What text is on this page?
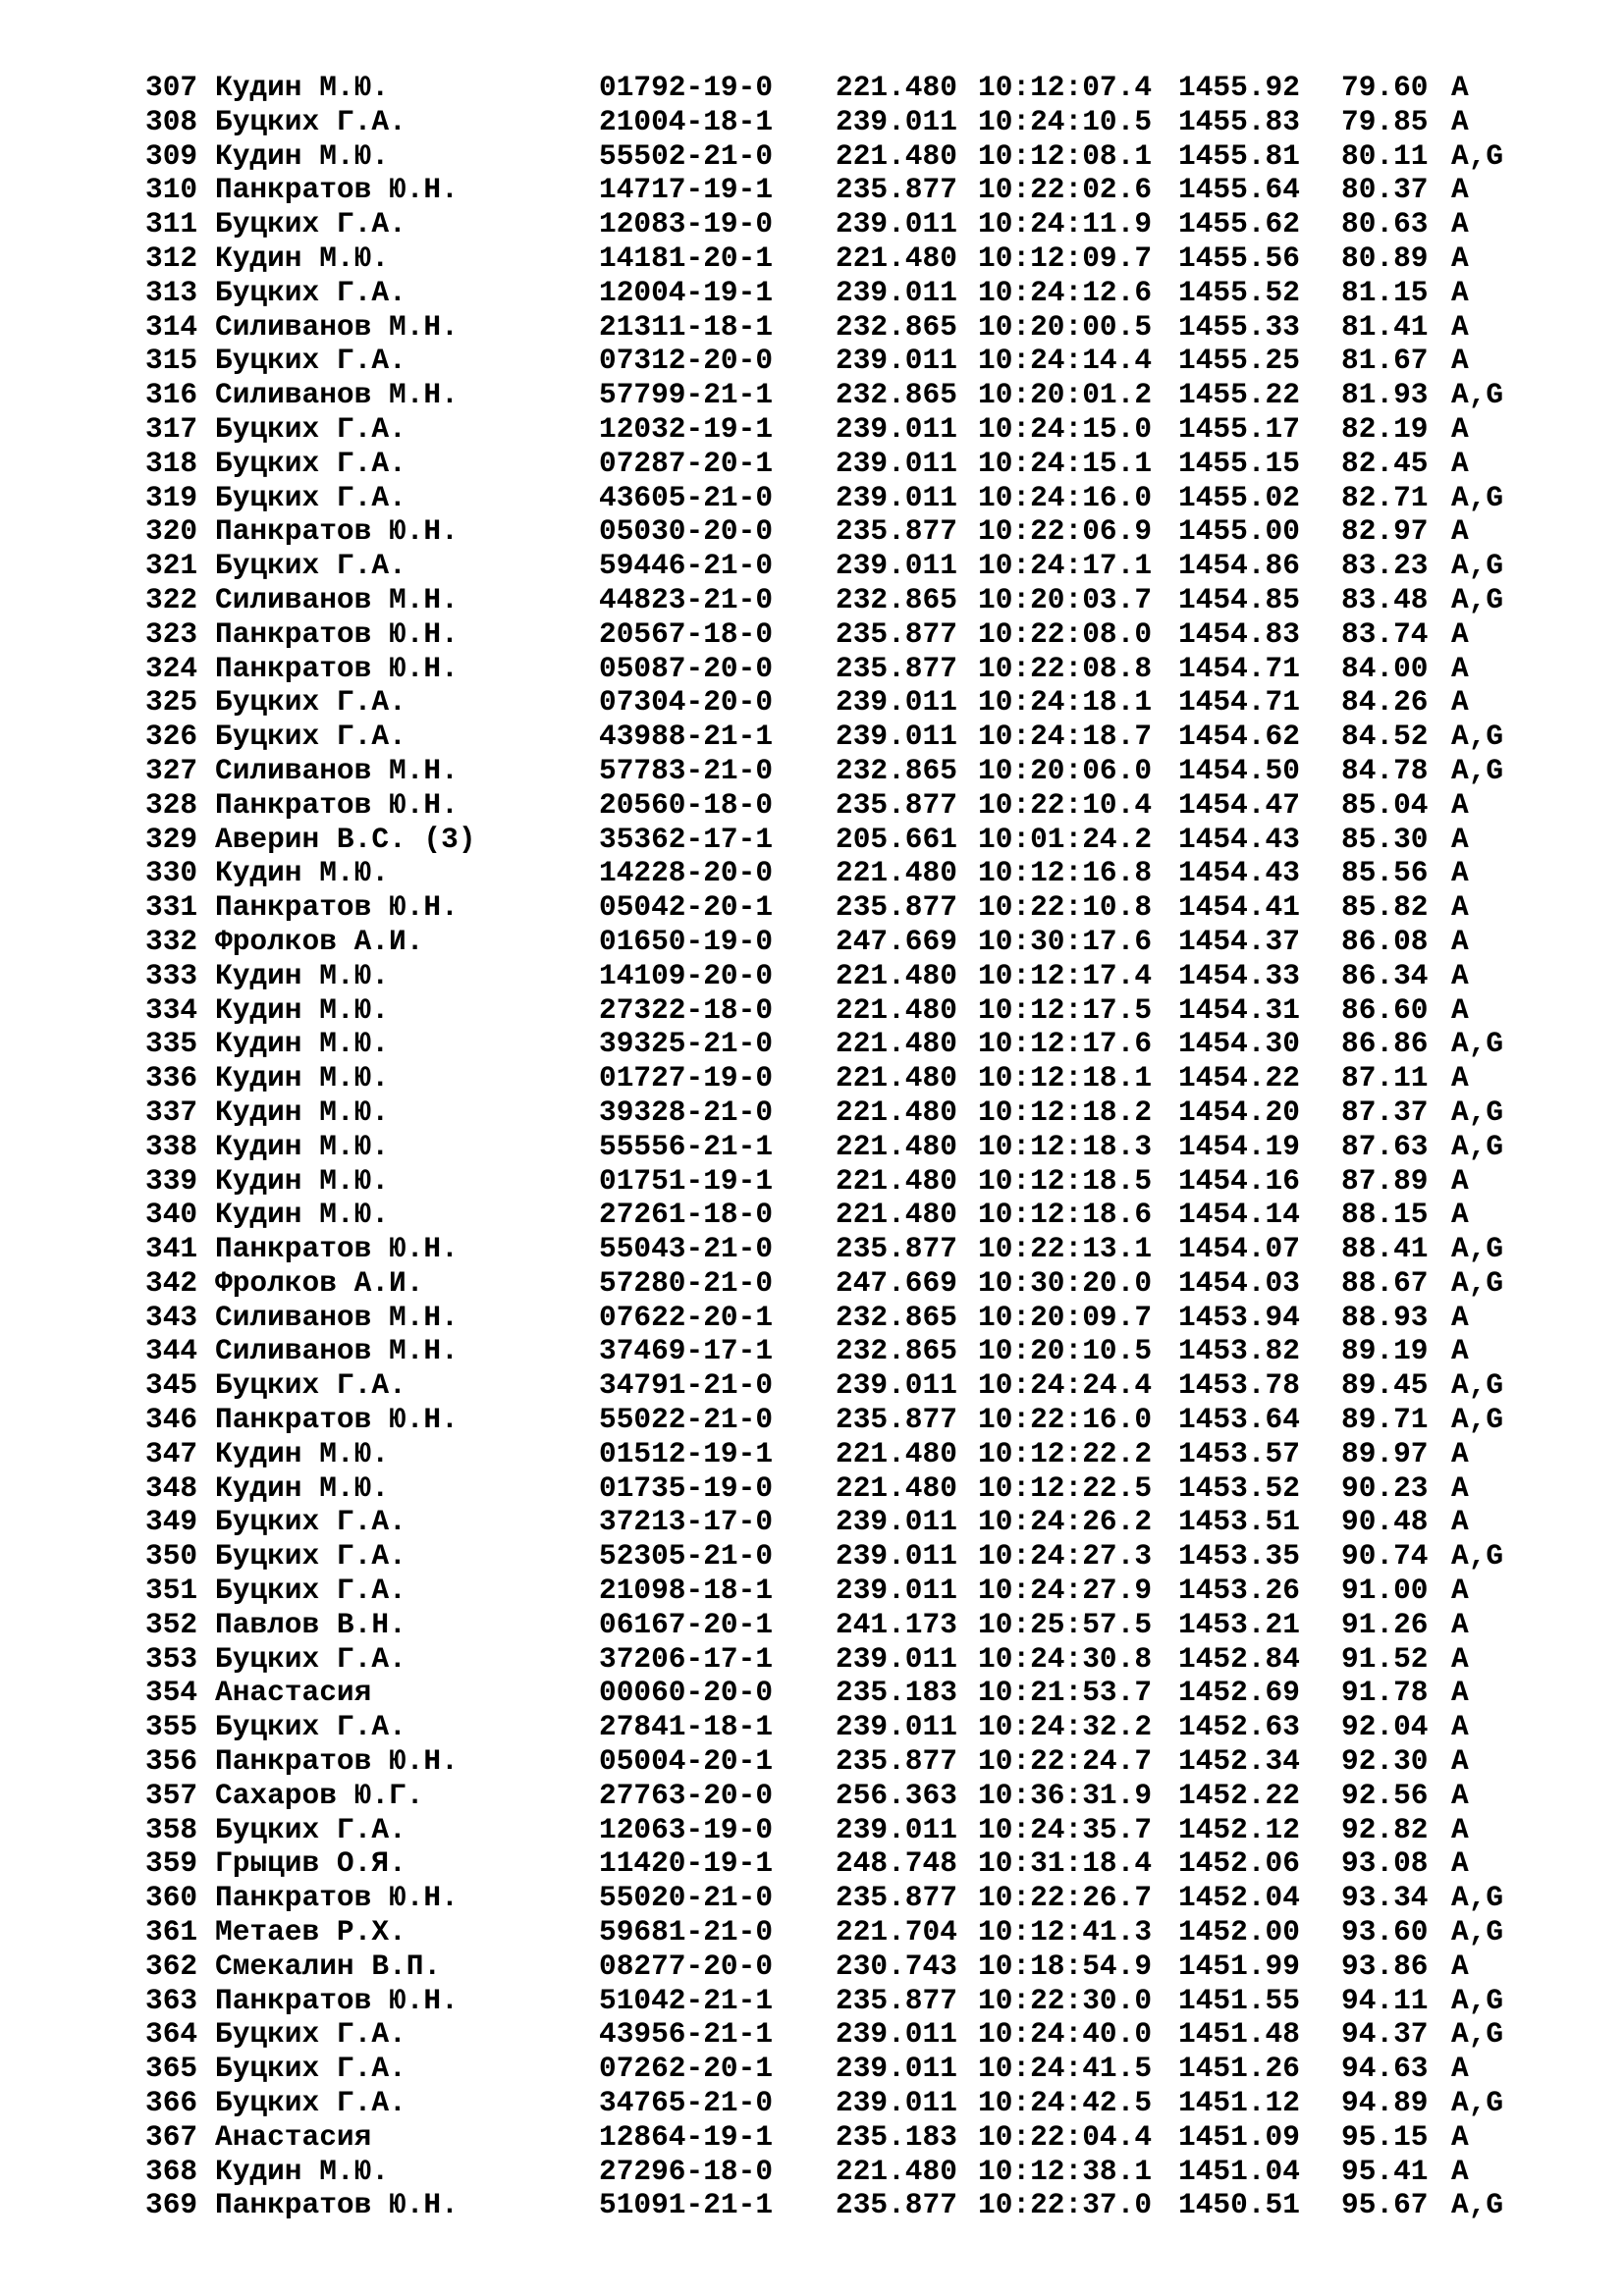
307 Кудин М.Ю.	01792-19-0 221.480 10:12:07.4 1455.92 79.60 A
308 Буцких Г.А.	21004-18-1 239.011 10:24:10.5 1455.83 79.85 A
309 Кудин М.Ю.	55502-21-0 221.480 10:12:08.1 1455.81 80.11 A,G
310 Панкратов Ю.Н.	14717-19-1 235.877 10:22:02.6 1455.64 80.37 A
311 Буцких Г.А.	12083-19-0 239.011 10:24:11.9 1455.62 80.63 A
312 Кудин М.Ю.	14181-20-1 221.480 10:12:09.7 1455.56 80.89 A
313 Буцких Г.А.	12004-19-1 239.011 10:24:12.6 1455.52 81.15 A
314 Силиванов М.Н.	21311-18-1 232.865 10:20:00.5 1455.33 81.41 A
315 Буцких Г.А.	07312-20-0 239.011 10:24:14.4 1455.25 81.67 A
316 Силиванов М.Н.	57799-21-1 232.865 10:20:01.2 1455.22 81.93 A,G
317 Буцких Г.А.	12032-19-1 239.011 10:24:15.0 1455.17 82.19 A
318 Буцких Г.А.	07287-20-1 239.011 10:24:15.1 1455.15 82.45 A
319 Буцких Г.А.	43605-21-0 239.011 10:24:16.0 1455.02 82.71 A,G
320 Панкратов Ю.Н.	05030-20-0 235.877 10:22:06.9 1455.00 82.97 A
321 Буцких Г.А.	59446-21-0 239.011 10:24:17.1 1454.86 83.23 A,G
322 Силиванов М.Н.	44823-21-0 232.865 10:20:03.7 1454.85 83.48 A,G
323 Панкратов Ю.Н.	20567-18-0 235.877 10:22:08.0 1454.83 83.74 A
324 Панкратов Ю.Н.	05087-20-0 235.877 10:22:08.8 1454.71 84.00 A
325 Буцких Г.А.	07304-20-0 239.011 10:24:18.1 1454.71 84.26 A
326 Буцких Г.А.	43988-21-1 239.011 10:24:18.7 1454.62 84.52 A,G
327 Силиванов М.Н.	57783-21-0 232.865 10:20:06.0 1454.50 84.78 A,G
328 Панкратов Ю.Н.	20560-18-0 235.877 10:22:10.4 1454.47 85.04 A
329 Аверин В.С. (3)	35362-17-1 205.661 10:01:24.2 1454.43 85.30 A
330 Кудин М.Ю.	14228-20-0 221.480 10:12:16.8 1454.43 85.56 A
331 Панкратов Ю.Н.	05042-20-1 235.877 10:22:10.8 1454.41 85.82 A
332 Фролков А.И.	01650-19-0 247.669 10:30:17.6 1454.37 86.08 A
333 Кудин М.Ю.	14109-20-0 221.480 10:12:17.4 1454.33 86.34 A
334 Кудин М.Ю.	27322-18-0 221.480 10:12:17.5 1454.31 86.60 A
335 Кудин М.Ю.	39325-21-0 221.480 10:12:17.6 1454.30 86.86 A,G
336 Кудин М.Ю.	01727-19-0 221.480 10:12:18.1 1454.22 87.11 A
337 Кудин М.Ю.	39328-21-0 221.480 10:12:18.2 1454.20 87.37 A,G
338 Кудин М.Ю.	55556-21-1 221.480 10:12:18.3 1454.19 87.63 A,G
339 Кудин М.Ю.	01751-19-1 221.480 10:12:18.5 1454.16 87.89 A
340 Кудин М.Ю.	27261-18-0 221.480 10:12:18.6 1454.14 88.15 A
341 Панкратов Ю.Н.	55043-21-0 235.877 10:22:13.1 1454.07 88.41 A,G
342 Фролков А.И.	57280-21-0 247.669 10:30:20.0 1454.03 88.67 A,G
343 Силиванов М.Н.	07622-20-1 232.865 10:20:09.7 1453.94 88.93 A
344 Силиванов М.Н.	37469-17-1 232.865 10:20:10.5 1453.82 89.19 A
345 Буцких Г.А.	34791-21-0 239.011 10:24:24.4 1453.78 89.45 A,G
346 Панкратов Ю.Н.	55022-21-0 235.877 10:22:16.0 1453.64 89.71 A,G
347 Кудин М.Ю.	01512-19-1 221.480 10:12:22.2 1453.57 89.97 A
348 Кудин М.Ю.	01735-19-0 221.480 10:12:22.5 1453.52 90.23 A
349 Буцких Г.А.	37213-17-0 239.011 10:24:26.2 1453.51 90.48 A
350 Буцких Г.А.	52305-21-0 239.011 10:24:27.3 1453.35 90.74 A,G
351 Буцких Г.А.	21098-18-1 239.011 10:24:27.9 1453.26 91.00 A
352 Павлов В.Н.	06167-20-1 241.173 10:25:57.5 1453.21 91.26 A
353 Буцких Г.А.	37206-17-1 239.011 10:24:30.8 1452.84 91.52 A
354 Анастасия	00060-20-0 235.183 10:21:53.7 1452.69 91.78 A
355 Буцких Г.А.	27841-18-1 239.011 10:24:32.2 1452.63 92.04 A
356 Панкратов Ю.Н.	05004-20-1 235.877 10:22:24.7 1452.34 92.30 A
357 Сахаров Ю.Г.	27763-20-0 256.363 10:36:31.9 1452.22 92.56 A
358 Буцких Г.А.	12063-19-0 239.011 10:24:35.7 1452.12 92.82 A
359 Грыцив О.Я.	11420-19-1 248.748 10:31:18.4 1452.06 93.08 A
360 Панкратов Ю.Н.	55020-21-0 235.877 10:22:26.7 1452.04 93.34 A,G
361 Метаев Р.Х.	59681-21-0 221.704 10:12:41.3 1452.00 93.60 A,G
362 Смекалин В.П.	08277-20-0 230.743 10:18:54.9 1451.99 93.86 A
363 Панкратов Ю.Н.	51042-21-1 235.877 10:22:30.0 1451.55 94.11 A,G
364 Буцких Г.А.	43956-21-1 239.011 10:24:40.0 1451.48 94.37 A,G
365 Буцких Г.А.	07262-20-1 239.011 10:24:41.5 1451.26 94.63 A
366 Буцких Г.А.	34765-21-0 239.011 10:24:42.5 1451.12 94.89 A,G
367 Анастасия	12864-19-1 235.183 10:22:04.4 1451.09 95.15 A
368 Кудин М.Ю.	27296-18-0 221.480 10:12:38.1 1451.04 95.41 A
369 Панкратов Ю.Н.	51091-21-1 235.877 10:22:37.0 1450.51 95.67 A,G
